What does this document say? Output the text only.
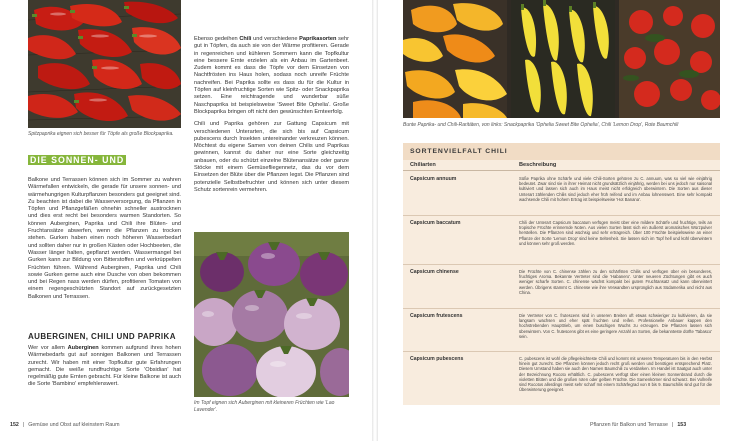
Spitzpaprika eignen sich besser für Töpfe als große Blockpaprika.
DIE SONNEN- UND

Balkone und Terrassen können sich im Sommer zu wahren Wärmefallen entwickeln, die gerade für unsere sonnen- und wärmehungrigen Kulturpflanzen besonders gut geeignet sind. Zu beachten ist dabei die Wasserversorgung, da Pflanzen in Töpfen und Pflanzgefäßen ohnehin schneller austrocknen und dies erst recht bei besonders warmen Standorten. So können Auberginen, Paprika und Chili ihre Blüten- und Fruchtansätze abwerfen, wenn die Pflanzen zu trocken stehen. Gurken haben einen noch höheren Wasserbedarf und sollten daher nur in großen Kästen oder Hochbeeten, die Wasser länger halten, gepflanzt werden. Wassermangel bei Gurken kann zur Bildung von Bitterstoffen und verkrüppelten Früchten führen. Während Auberginen, Paprika und Chili sowie Gurken gerne auch eine Dusche von oben bekommen und bei Regen nass werden dürfen, profitieren Tomaten von einem regengeschützten Standort auf zurückgesetzten Balkonen und Terrassen.

AUBERGINEN, CHILI UND PAPRIKA

Wer vor allem Auberginen kommen aufgrund ihres hohen Wärmebedarfs gut auf sonnigen Balkonen und Terrassen zurecht. Wir haben mit einer Topfkultur gute Erfahrungen gemacht. Die weiße rundfruchtige Sorte 'Obsidian' hat regelmäßig gute Ernten gebracht. Für kleine Balkone ist auch die Sorte 'Bambino' empfehlenswert.

Ebenso gedeihen Chili und verschiedene Paprikasorten sehr gut in Töpfen, da auch sie von der Wärme profitieren. Gerade in regenreichen und kühleren Sommern kann die Topfkultur eine bessere Ernte erzielen als ein Anbau im Gartenbeet. Zudem kommt es dass die Töpfe vor dem Einsetzen von Nachtfrösten ins Haus holen, sodass noch unreife Früchte nachreifen. Bei Paprika sollte es dass du für die Kultur in Töpfen auf kleinfruchtige Sorten wie Spitz- oder Snackpaprika setzen. Eine reichtragende und wunderbar süße Naschpaprika ist beispielsweise 'Sweet Bite Ophelia'. Große Blockpaprika bringen oft nicht den gewünschten Ernteerfolg.

Chili und Paprika gehören zur Gattung Capsicum mit verschiedenen Unterarten, die sich bis auf Capsicum pubescens durch Insekten untereinander verkreuzen können. Möchtest du eigene Samen von deinen Chilis und Paprikas gewinnen, kannst du daher nur eine Sorte gleichzeitig anbauen, oder du schützt einzelne Blütenansätze oder ganze Stöcke mit einem Gemüsefliegennetz, das du vor dem Einsetzen der Blüte über die Pflanzen legst. Die Pflanzen sind potenzielle Selbstbefruchter und können sich unter diesem Schutz sortenrein vermehren.

Im Topf eignen sich Auberginen mit kleineren Früchten wie 'Lao Lavender'.
152 | Gemüse und Obst auf kleinstem Raum
Bunte Paprika- und Chili-Raritäten, von links: Snackpaprika 'Ophelia Sweet Bite Ophelia', Chili 'Lemon Drop', Rote Baumchili
SORTENVIELFALT CHILI
Chiliarten	Beschreibung
Capsicum annuum	Süße Paprika ohne Schärfe und viele Chili-Sorten gehören zu C. annuum, was so viel wie einjährig bedeutet. Zwar sind sie in ihrer Heimat nicht grundsätzlich einjährig, werden bei uns jedoch nur saisonal kultiviert und lassen sich auch im Haus meist nicht erfolgreich überwintern. Die Sorten aus dieser Unterart zählenden Chilis sind jedoch eher früh reifend und im Anbau lohnenswert. Eine sehr kompakt wachsende Chili mit hohem Ertrag ist beispielsweise 'Hot Banana'.
Capsicum baccatum	Chili der Unterart Capsicum baccatum verfügen meist über eine mildere Schärfe und fruchtige, teils an tropische Früchte erinnernde Noten. Aus vielen Sorten lässt sich ein äußerst aromatisches Würzpulver herstellen. Die Pflanzen sind wüchsig und sehr ertragreich. Über 100 Früchte beispielsweise an einer Pflanze der Sorte 'Lemon Drop' sind keine Seltenheit. Sie lassen sich im Topf hell und kühl überwintern und können sehr groß werden.
Capsicum chinense	Die Früchte von C. chinense zählen zu den schärfsten Chilis und verfügen über ein besonderes, fruchtiges Aroma. Bekannte Vertreter sind die 'Habanero'. Unter neueren Züchtungen gibt es auch weniger scharfe Sorten. C. chinense wächst kompakt bei gutem Fruchtansatz und kann überwintert werden. Übrigens stammt C. chinense wie ihre Verwandten ursprünglich aus Südamerika und nicht aus China.
Capsicum frutescens	Die Vertreter von C. frutescens sind in unseren Breiten oft etwas schwieriger zu kultivieren, da sie langsam wachsen und eher spät fruchten und reifen. Professionelle Anbauer kappen den hochstrebenden Haupttrieb, um einen buschigen Wuchs zu erzeugen. Die Pflanzen lassen sich überwintern. Von C. frutescens gibt es eine geringere Anzahl an Sorten, die bekannteste dürfte 'Tabasco' sein.
Capsicum pubescens	C. pubescens ist wohl die pflegeleichteste Chili und kommt mit unseren Temperaturen bis in den Herbst hinein gut zurecht. Die Pflanzen können jedoch recht groß werden und benötigen entsprechend Platz. Diesem Umstand haben sie auch den Namen Baumchili zu verdanken. Im Handel ist Saatgut auch unter der Bezeichnung Rocoto erhältlich. C. pubescens verfügt über einen kleinen Sonnenbrand durch die violetten Blüten und die großen roten oder gelben Früchte. Die Samenkörner sind schwarz. Bei Vollreife sind Rocotos allerdings meist sehr scharf mit einem Schärfegrad von 8 bis 9. Baumchilis sind gut für die Überwinterung geeignet.
Pflanzen für Balkon und Terrasse | 153
